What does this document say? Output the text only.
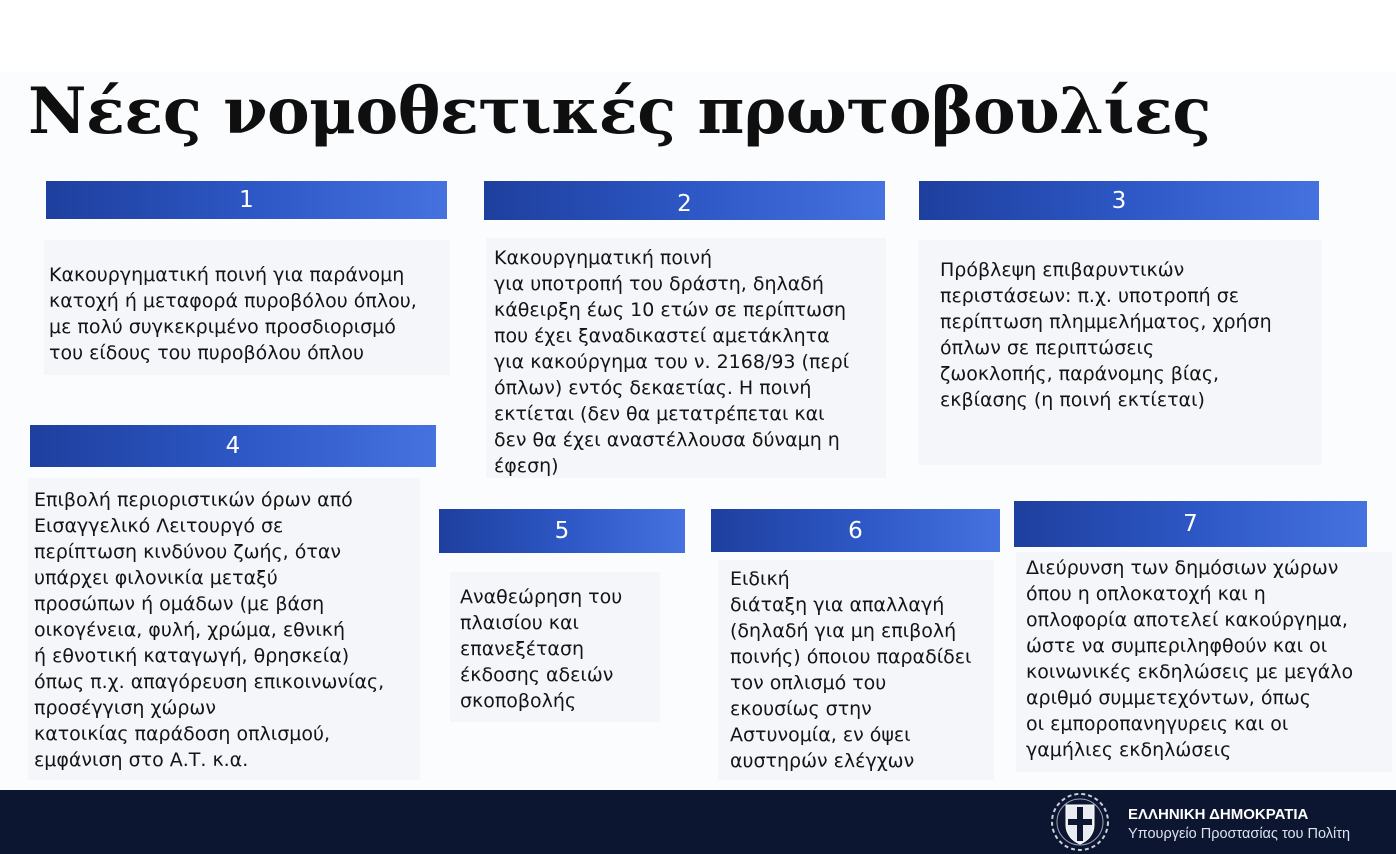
Νέες νομοθετικές πρωτοβουλίες
1

Κακουργηματική ποινή για παράνομη
κατοχή ή μεταφορά πυροβόλου όπλου,
με πολύ συγκεκριμένο προσδιορισμό
του είδους του πυροβόλου όπλου

2

Κακουργηματική ποινή
για υποτροπή του δράστη, δηλαδή
κάθειρξη έως 10 ετών σε περίπτωση
που έχει ξαναδικαστεί αμετάκλητα
για κακούργημα του ν. 2168/93 (περί
όπλων) εντός δεκαετίας. Η ποινή
εκτίεται (δεν θα μετατρέπεται και
δεν θα έχει αναστέλλουσα δύναμη η
έφεση)

3

Πρόβλεψη επιβαρυντικών
περιστάσεων: π.χ. υποτροπή σε
περίπτωση πλημμελήματος, χρήση
όπλων σε περιπτώσεις
ζωοκλοπής, παράνομης βίας,
εκβίασης (η ποινή εκτίεται)

4

Επιβολή περιοριστικών όρων από
Εισαγγελικό Λειτουργό σε
περίπτωση κινδύνου ζωής, όταν
υπάρχει φιλονικία μεταξύ
προσώπων ή ομάδων (με βάση
οικογένεια, φυλή, χρώμα, εθνική
ή εθνοτική καταγωγή, θρησκεία)
όπως π.χ. απαγόρευση επικοινωνίας,
προσέγγιση χώρων
κατοικίας παράδοση οπλισμού,
εμφάνιση στο Α.Τ. κ.α.

5

Αναθεώρηση του
πλαισίου και
επανεξέταση
έκδοσης αδειών
σκοποβολής

6

Ειδική
διάταξη για απαλλαγή
(δηλαδή για μη επιβολή
ποινής) όποιου παραδίδει
τον οπλισμό του
εκουσίως στην
Αστυνομία, εν όψει
αυστηρών ελέγχων

7

Διεύρυνση των δημόσιων χώρων
όπου η οπλοκατοχή και η
οπλοφορία αποτελεί κακούργημα,
ώστε να συμπεριληφθούν και οι
κοινωνικές εκδηλώσεις με μεγάλο
αριθμό συμμετεχόντων, όπως
οι εμποροπανηγυρεις και οι
γαμήλιες εκδηλώσεις

ΕΛΛΗΝΙΚΗ ΔΗΜΟΚΡΑΤΙΑ
Υπουργείο Προστασίας του Πολίτη
